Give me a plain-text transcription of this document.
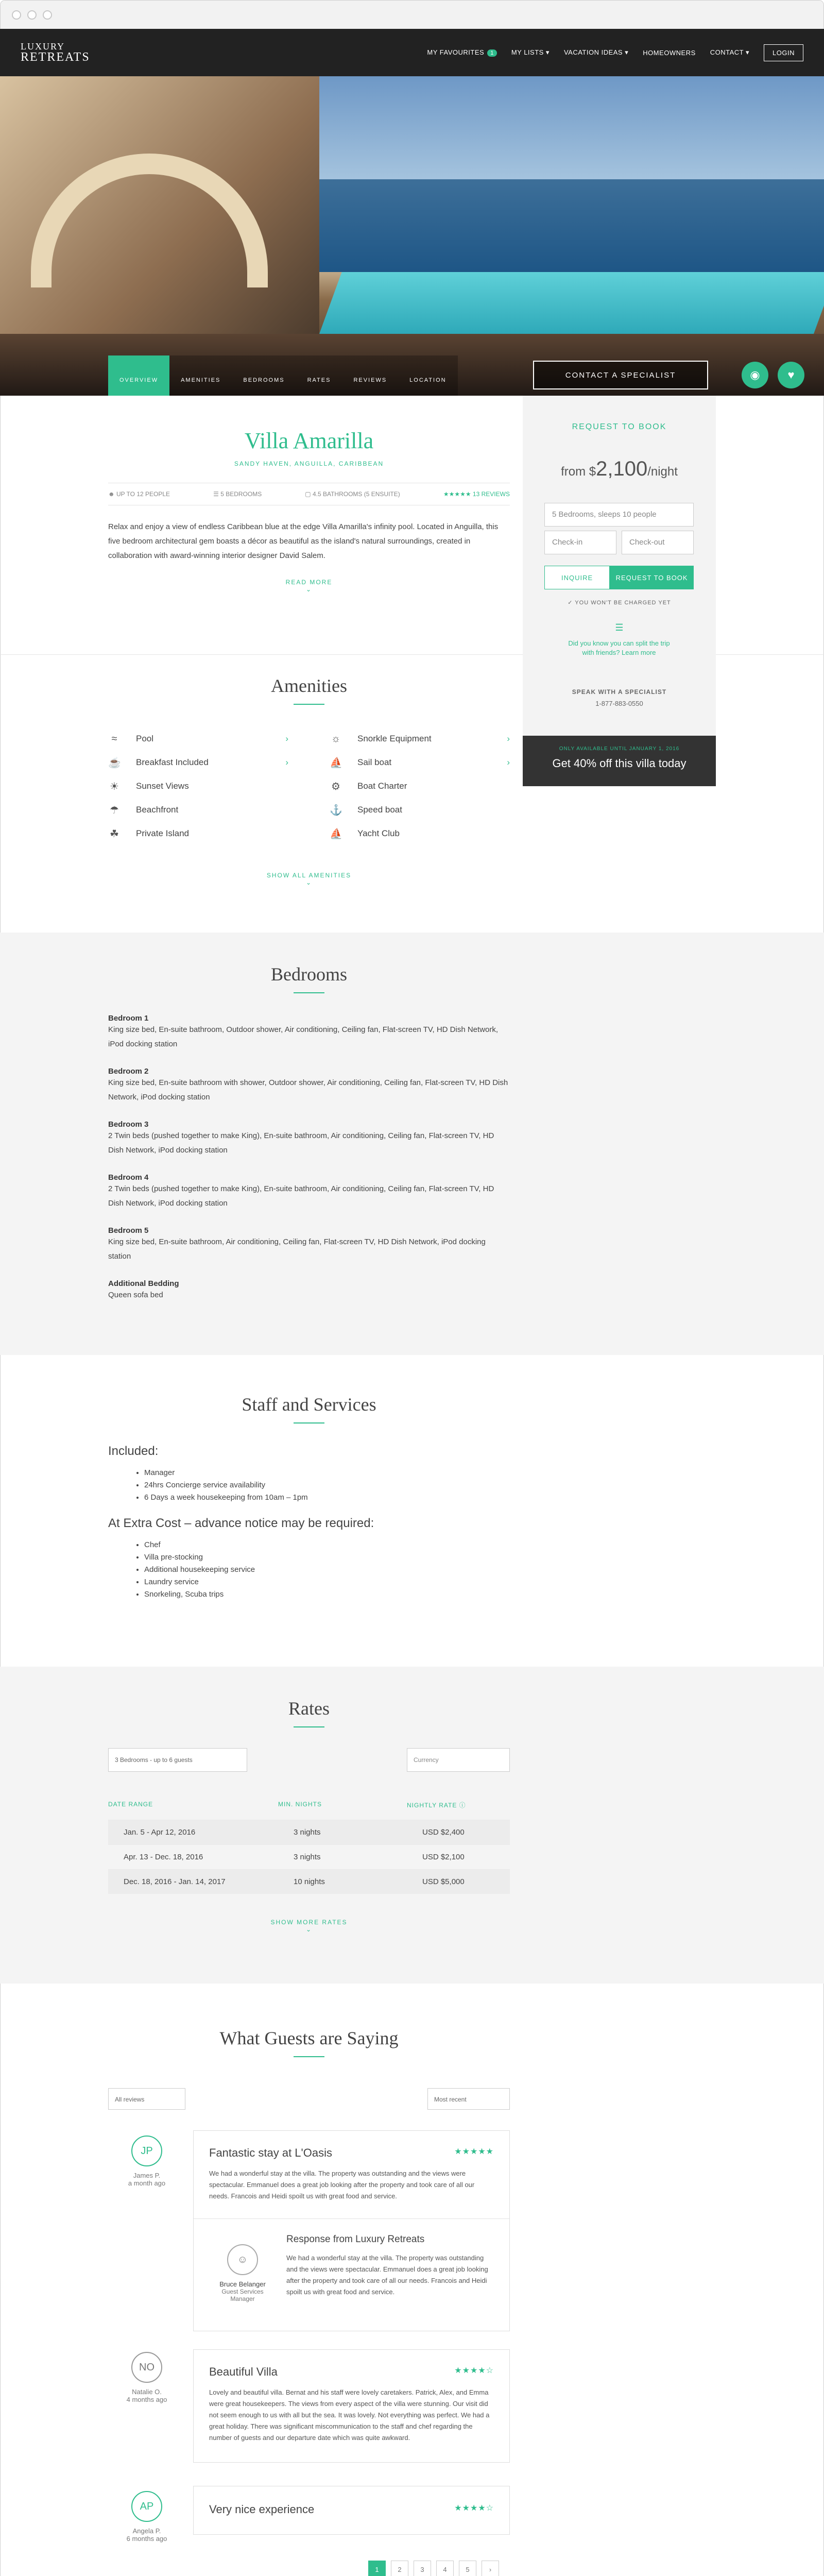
LUXURY
RETREATS	MY FAVOURITES 1	MY LISTS ▾ VACATION IDEAS ▾ HOMEOWNERS CONTACT ▾	LOGIN
OVERVIEW	AMENITIES	BEDROOMS	RATES	REVIEWS	LOCATION
CONTACT A SPECIALIST	◉	♥
REQUEST TO BOOK
from $2,100/night
5 Bedrooms, sleeps 10 people
Check-in	Check-out
INQUIRE	REQUEST TO BOOK
✓ YOU WON'T BE CHARGED YET
☰
Did you know you can split the trip with friends? Learn more
SPEAK WITH A SPECIALIST
1-877-883-0550
ONLY AVAILABLE UNTIL JANUARY 1, 2016
Get 40% off this villa today
Villa Amarilla
SANDY HAVEN, ANGUILLA, CARIBBEAN
☻ UP TO 12 PEOPLE	☰ 5 BEDROOMS	▢ 4.5 BATHROOMS (5 ENSUITE)	★★★★★ 13 REVIEWS

Relax and enjoy a view of endless Caribbean blue at the edge Villa Amarilla's infinity pool. Located in Anguilla, this five bedroom architectural gem boasts a décor as beautiful as the island's natural surroundings, created in collaboration with award-winning interior designer David Salem.

READ MORE
⌄
Amenities
≈	Pool	›	☼ Snorkle Equipment	›
☕ Breakfast Included	›	⛵ Sail boat	›
☀ Sunset Views	⚙ Boat Charter
☂ Beachfront	⚓ Speed boat
☘ Private Island	⛵ Yacht Club
SHOW ALL AMENITIES
⌄
Bedrooms
Bedroom 1

King size bed, En-suite bathroom, Outdoor shower, Air conditioning, Ceiling fan, Flat-screen TV, HD Dish Network, iPod docking station

Bedroom 2

King size bed, En-suite bathroom with shower, Outdoor shower, Air conditioning, Ceiling fan, Flat-screen TV, HD Dish Network, iPod docking station

Bedroom 3

2 Twin beds (pushed together to make King), En-suite bathroom, Air conditioning, Ceiling fan, Flat-screen TV, HD Dish Network, iPod docking station

Bedroom 4

2 Twin beds (pushed together to make King), En-suite bathroom, Air conditioning, Ceiling fan, Flat-screen TV, HD Dish Network, iPod docking station

Bedroom 5

King size bed, En-suite bathroom, Air conditioning, Ceiling fan, Flat-screen TV, HD Dish Network, iPod docking station

Additional Bedding

Queen sofa bed

Staff and Services
Included:
• Manager
• 24hrs Concierge service availability
• 6 Days a week housekeeping from 10am – 1pm
At Extra Cost – advance notice may be required:
• Chef
• Villa pre-stocking
• Additional housekeeping service
• Laundry service
• Snorkeling, Scuba trips
Rates
3 Bedrooms - up to 6 guests	Currency
DATE RANGE	MIN. NIGHTS	NIGHTLY RATE ⓘ
Jan. 5 - Apr 12, 2016	3 nights	USD $2,400
Apr. 13 - Dec. 18, 2016	3 nights	USD $2,100
Dec. 18, 2016 - Jan. 14, 2017	10 nights	USD $5,000
SHOW MORE RATES
⌄
What Guests are Saying
All reviews	Most recent
JP
James P.
a month ago
Fantastic stay at L'Oasis	★★★★★

We had a wonderful stay at the villa. The property was outstanding and the views were spectacular. Emmanuel does a great job looking after the property and took care of all our needs. Francois and Heidi spoilt us with great food and service.

☺
Bruce Belanger
Guest Services Manager
Response from Luxury Retreats

We had a wonderful stay at the villa. The property was outstanding and the views were spectacular. Emmanuel does a great job looking after the property and took care of all our needs. Francois and Heidi spoilt us with great food and service.

NO
Natalie O.
4 months ago
Beautiful Villa	★★★★☆

Lovely and beautiful villa. Bernat and his staff were lovely caretakers. Patrick, Alex, and Emma were great housekeepers. The views from every aspect of the villa were stunning. Our visit did not seem enough to us with all but the sea. It was lovely. Not everything was perfect. We had a great holiday. There was significant miscommunication to the staff and chef regarding the number of guests and our departure date which was quite awkward.

AP
Angela P.
6 months ago
Very nice experience	★★★★☆
1	2	3	4	5	›
